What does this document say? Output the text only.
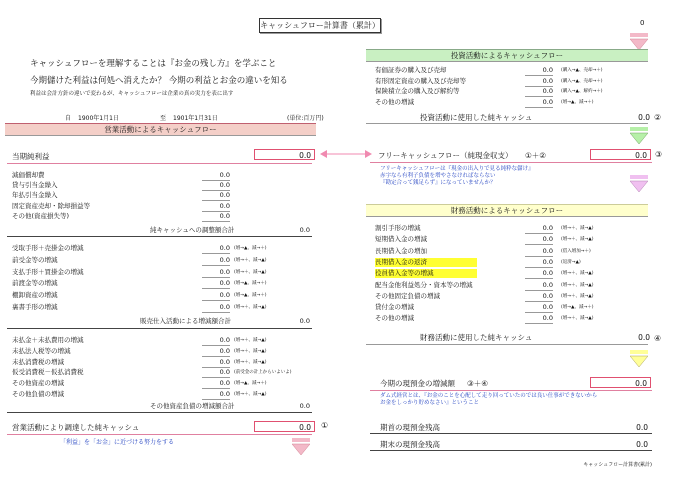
キャッシュフロー計算書（累計）	0
キャッシュフローを理解することは『お金の残し方』を学ぶこと
今期儲けた利益は何処へ消えたか？ 今期の利益とお金の違いを知る
利益は会計方針の違いで変わるが、キャッシュフローは企業の真の実力を表に出す
自 1900年1月1日	至 1901年1月31日	(単位:百万円)
営業活動によるキャッシュフロー
当期純利益	0.0
減価償却費	0.0
貸与引当金繰入	0.0
年払引当金繰入	0.0
固定資産売却・除却損益等	0.0
その他(資産損失等)	0.0
純キャッシュへの調整額合計	0.0
受取手形＋売掛金の増減	0.0 (増→▲、減→＋)
前受金等の増減	0.0 (増→＋、減→▲)
支払手形＋買掛金の増減	0.0 (増→＋、減→▲)
前渡金等の増減	0.0 (増→▲、減→＋)
棚卸資産の増減	0.0 (増→▲、減→＋)
裏書手形の増減	0.0 (増→＋、減→▲)
販売仕入活動による増減額合計	0.0
未払金＋未払費用の増減	0.0 (増→＋、減→▲)
未払法人税等の増減	0.0 (増→＋、減→▲)
未払消費税の増減	0.0 (増→＋、減→▲)
仮受消費税－仮払消費税	0.0 (前受金の計上からいよいよ)
その他資産の増減	0.0 (増→▲、減→＋)
その他負債の増減	0.0 (増→＋、減→▲)
その他資産負債の増減額合計	0.0
営業活動により調達した純キャッシュ	0.0	①
「利益」を「お金」に近づける努力をする
投資活動によるキャッシュフロー
有価証券の購入及び売却	0.0 (購入→▲、売却→＋)
有形固定資産の購入及び売却等	0.0 (購入→▲、売却→＋)
保険積立金の購入及び解約等	0.0 (購入→▲、解約→＋)
その他の増減	0.0 (増→▲、減→＋)
投資活動に使用した純キャッシュ	0.0 ②
フリーキャッシュフロー（純現金収支） ①＋②	0.0	③
フリーキャッシュフローは『現金の出入りで見る純粋な儲け』
赤字なら有利子負債を増やさなければならない
『勘定合って銭足らず』になっていませんか？
財務活動によるキャッシュフロー
割引手形の増減	0.0 (増→＋、減→▲)
短期借入金の増減	0.0 (増→＋、減→▲)
長期借入金の増加	0.0 (借入増加→＋)
長期借入金の返済	0.0 (返済→▲)
役員借入金等の増減	0.0 (増→＋、減→▲)
配当金他利益処分・資本等の増減	0.0 (増→＋、減→▲)
その他固定負債の増減	0.0 (増→＋、減→▲)
貸付金の増減	0.0 (増→▲、減→＋)
その他の増減	0.0 (増→＋、減→▲)
財務活動に使用した純キャッシュ	0.0 ④
今期の現預金の増減額 ③＋④	0.0
ダム式経営とは、『お金のことを心配して走り回っていたのでは良い仕事ができないから
お金をしっかり貯めなさい』ということ
期首の現預金残高	0.0
期末の現預金残高	0.0
キャッシュフロー計算書(累計)
